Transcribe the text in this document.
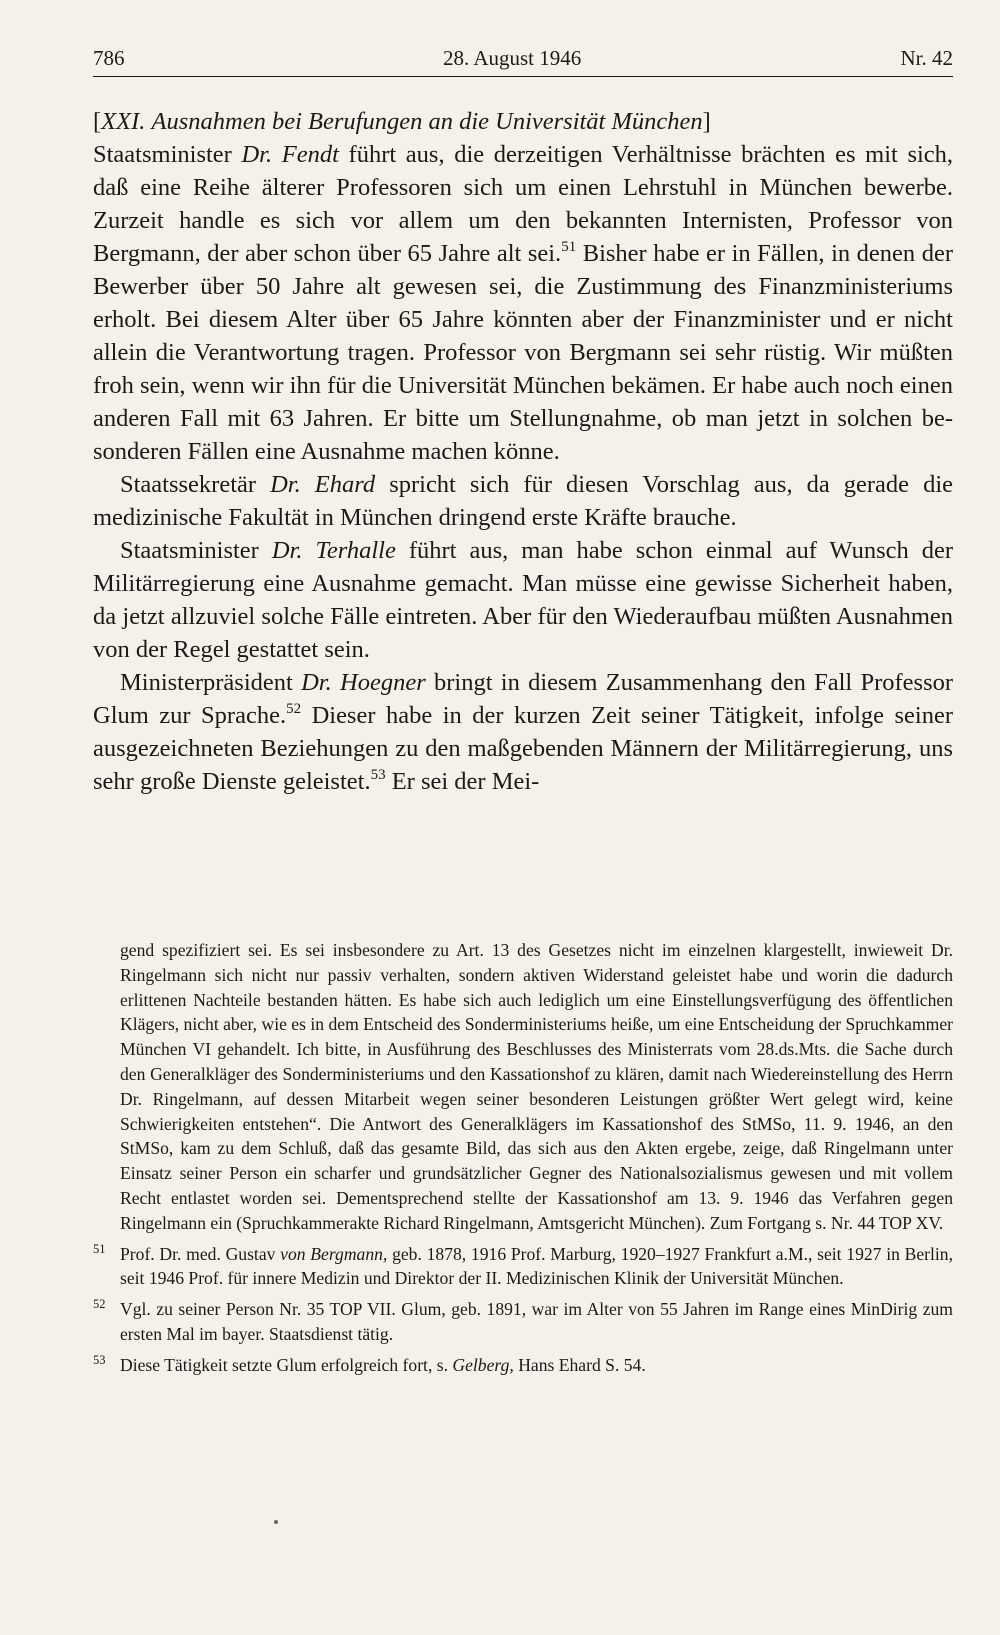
786	28. August 1946	Nr. 42

[XXI. Ausnahmen bei Berufungen an die Universität München]

Staatsminister Dr. Fendt führt aus, die derzeitigen Verhältnisse brächten es mit sich, daß eine Reihe älterer Professoren sich um einen Lehrstuhl in München bewerbe. Zurzeit handle es sich vor allem um den bekannten Internisten, Professor von Bergmann, der aber schon über 65 Jahre alt sei.$^{51}$ Bisher habe er in Fällen, in denen der Bewerber über 50 Jahre alt gewesen sei, die Zustimmung des Finanzministeriums erholt. Bei diesem Alter über 65 Jahre könnten aber der Finanzminister und er nicht allein die Verantwortung tragen. Professor von Bergmann sei sehr rüstig. Wir müßten froh sein, wenn wir ihn für die Universität München bekämen. Er habe auch noch einen anderen Fall mit 63 Jahren. Er bitte um Stellungnahme, ob man jetzt in solchen besonderen Fällen eine Ausnahme machen könne.

Staatssekretär Dr. Ehard spricht sich für diesen Vorschlag aus, da gerade die medizinische Fakultät in München dringend erste Kräfte brauche.

Staatsminister Dr. Terhalle führt aus, man habe schon einmal auf Wunsch der Militärregierung eine Ausnahme gemacht. Man müsse eine gewisse Sicherheit haben, da jetzt allzuviel solche Fälle eintreten. Aber für den Wiederaufbau müßten Ausnahmen von der Regel gestattet sein.

Ministerpräsident Dr. Hoegner bringt in diesem Zusammenhang den Fall Professor Glum zur Sprache.$^{52}$ Dieser habe in der kurzen Zeit seiner Tätigkeit, infolge seiner ausgezeichneten Beziehungen zu den maßgebenden Männern der Militärregierung, uns sehr große Dienste geleistet.$^{53}$ Er sei der Mei-

gend spezifiziert sei. Es sei insbesondere zu Art. 13 des Gesetzes nicht im einzelnen klargestellt, inwieweit Dr. Ringelmann sich nicht nur passiv verhalten, sondern aktiven Widerstand geleistet habe und worin die dadurch erlittenen Nachteile bestanden hätten. Es habe sich auch lediglich um eine Einstellungsverfügung des öffentlichen Klägers, nicht aber, wie es in dem Entscheid des Sonderministeriums heiße, um eine Entscheidung der Spruchkammer München VI gehandelt. Ich bitte, in Ausführung des Beschlusses des Ministerrats vom 28.ds.Mts. die Sache durch den Generalkläger des Sonderministeriums und den Kassationshof zu klären, damit nach Wiedereinstellung des Herrn Dr. Ringelmann, auf dessen Mitarbeit wegen seiner besonderen Leistungen größter Wert gelegt wird, keine Schwierigkeiten entstehen“. Die Antwort des Generalklägers im Kassationshof des StMSo, 11. 9. 1946, an den StMSo, kam zu dem Schluß, daß das gesamte Bild, das sich aus den Akten ergebe, zeige, daß Ringelmann unter Einsatz seiner Person ein scharfer und grundsätzlicher Gegner des Nationalsozialismus gewesen und mit vollem Recht entlastet worden sei. Dementsprechend stellte der Kassationshof am 13. 9. 1946 das Verfahren gegen Ringelmann ein (Spruchkammerakte Richard Ringelmann, Amtsgericht München). Zum Fortgang s. Nr. 44 TOP XV.

51 Prof. Dr. med. Gustav von Bergmann, geb. 1878, 1916 Prof. Marburg, 1920–1927 Frankfurt a.M., seit 1927 in Berlin, seit 1946 Prof. für innere Medizin und Direktor der II. Medizinischen Klinik der Universität München.

52 Vgl. zu seiner Person Nr. 35 TOP VII. Glum, geb. 1891, war im Alter von 55 Jahren im Range eines MinDirig zum ersten Mal im bayer. Staatsdienst tätig.

53 Diese Tätigkeit setzte Glum erfolgreich fort, s. Gelberg, Hans Ehard S. 54.
